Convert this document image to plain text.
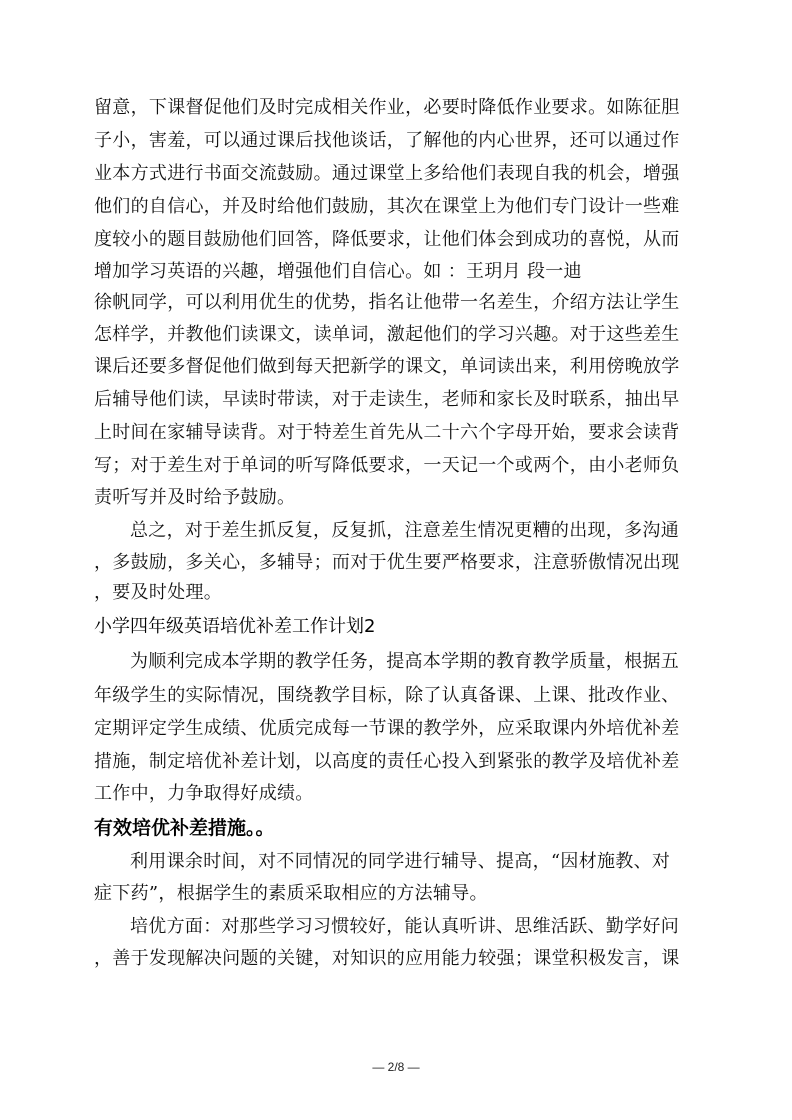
留意，下课督促他们及时完成相关作业，必要时降低作业要求。如陈征胆
子小，害羞，可以通过课后找他谈话，了解他的内心世界，还可以通过作
业本方式进行书面交流鼓励。通过课堂上多给他们表现自我的机会，增强
他们的自信心，并及时给他们鼓励，其次在课堂上为他们专门设计一些难
度较小的题目鼓励他们回答，降低要求，让他们体会到成功的喜悦，从而
增加学习英语的兴趣，增强他们自信心。如 ：王玥月 段一迪
徐帆同学，可以利用优生的优势，指名让他带一名差生，介绍方法让学生
怎样学，并教他们读课文，读单词，激起他们的学习兴趣。对于这些差生
课后还要多督促他们做到每天把新学的课文，单词读出来，利用傍晚放学
后辅导他们读，早读时带读，对于走读生，老师和家长及时联系，抽出早
上时间在家辅导读背。对于特差生首先从二十六个字母开始，要求会读背
写；对于差生对于单词的听写降低要求，一天记一个或两个，由小老师负
责听写并及时给予鼓励。
总之，对于差生抓反复，反复抓，注意差生情况更糟的出现，多沟通
，多鼓励，多关心，多辅导；而对于优生要严格要求，注意骄傲情况出现
，要及时处理。
小学四年级英语培优补差工作计划2
为顺利完成本学期的教学任务，提高本学期的教育教学质量，根据五
年级学生的实际情况，围绕教学目标，除了认真备课、上课、批改作业、
定期评定学生成绩、优质完成每一节课的教学外，应采取课内外培优补差
措施，制定培优补差计划，以高度的责任心投入到紧张的教学及培优补差
工作中，力争取得好成绩。
有效培优补差措施。。
利用课余时间，对不同情况的同学进行辅导、提高，“因材施教、对
症下药”，根据学生的素质采取相应的方法辅导。
培优方面：对那些学习习惯较好，能认真听讲、思维活跃、勤学好问
，善于发现解决问题的关键，对知识的应用能力较强；课堂积极发言，课
— 2/8 —
